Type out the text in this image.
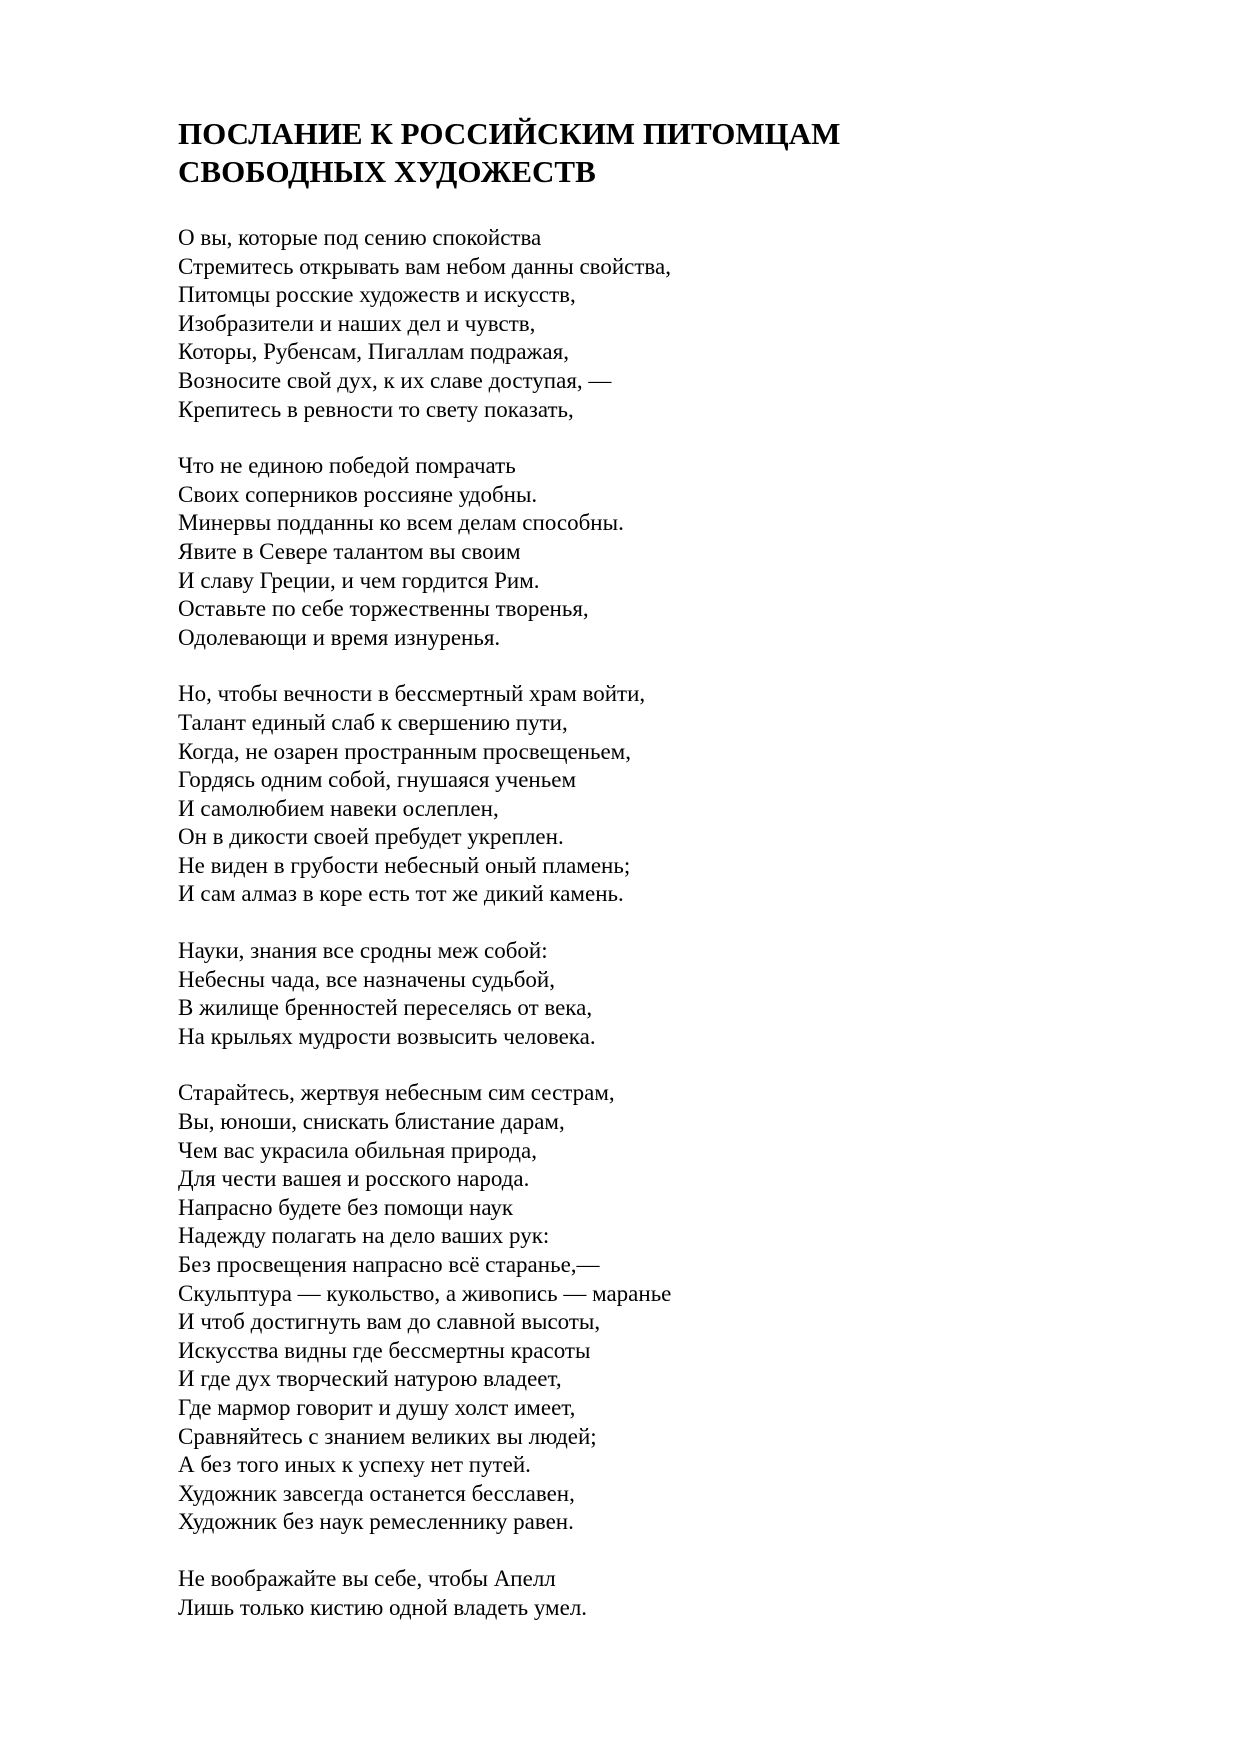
ПОСЛАНИЕ К РОССИЙСКИМ ПИТОМЦАМ
СВОБОДНЫХ ХУДОЖЕСТВ
О вы, которые под сению спокойства
Стремитесь открывать вам небом данны свойства,
Питомцы росские художеств и искусств,
Изобразители и наших дел и чувств,
Которы, Рубенсам, Пигаллам подражая,
Возносите свой дух, к их славе доступая, —
Крепитесь в ревности то свету показать,
Что не единою победой помрачать
Своих соперников россияне удобны.
Минервы подданны ко всем делам способны.
Явите в Севере талантом вы своим
И славу Греции, и чем гордится Рим.
Оставьте по себе торжественны творенья,
Одолевающи и время изнуренья.
Но, чтобы вечности в бессмертный храм войти,
Талант единый слаб к свершению пути,
Когда, не озарен пространным просвещеньем,
Гордясь одним собой, гнушаяся ученьем
И самолюбием навеки ослеплен,
Он в дикости своей пребудет укреплен.
Не виден в грубости небесный оный пламень;
И сам алмаз в коре есть тот же дикий камень.
Науки, знания все сродны меж собой:
Небесны чада, все назначены судьбой,
В жилище бренностей переселясь от века,
На крыльях мудрости возвысить человека.
Старайтесь, жертвуя небесным сим сестрам,
Вы, юноши, снискать блистание дарам,
Чем вас украсила обильная природа,
Для чести вашея и росского народа.
Напрасно будете без помощи наук
Надежду полагать на дело ваших рук:
Без просвещения напрасно всё старанье,—
Скульптура — кукольство, а живопись — маранье
И чтоб достигнуть вам до славной высоты,
Искусства видны где бессмертны красоты
И где дух творческий натурою владеет,
Где мармор говорит и душу холст имеет,
Сравняйтесь с знанием великих вы людей;
А без того иных к успеху нет путей.
Художник завсегда останется бесславен,
Художник без наук ремесленнику равен.
Не воображайте вы себе, чтобы Апелл
Лишь только кистию одной владеть умел.
